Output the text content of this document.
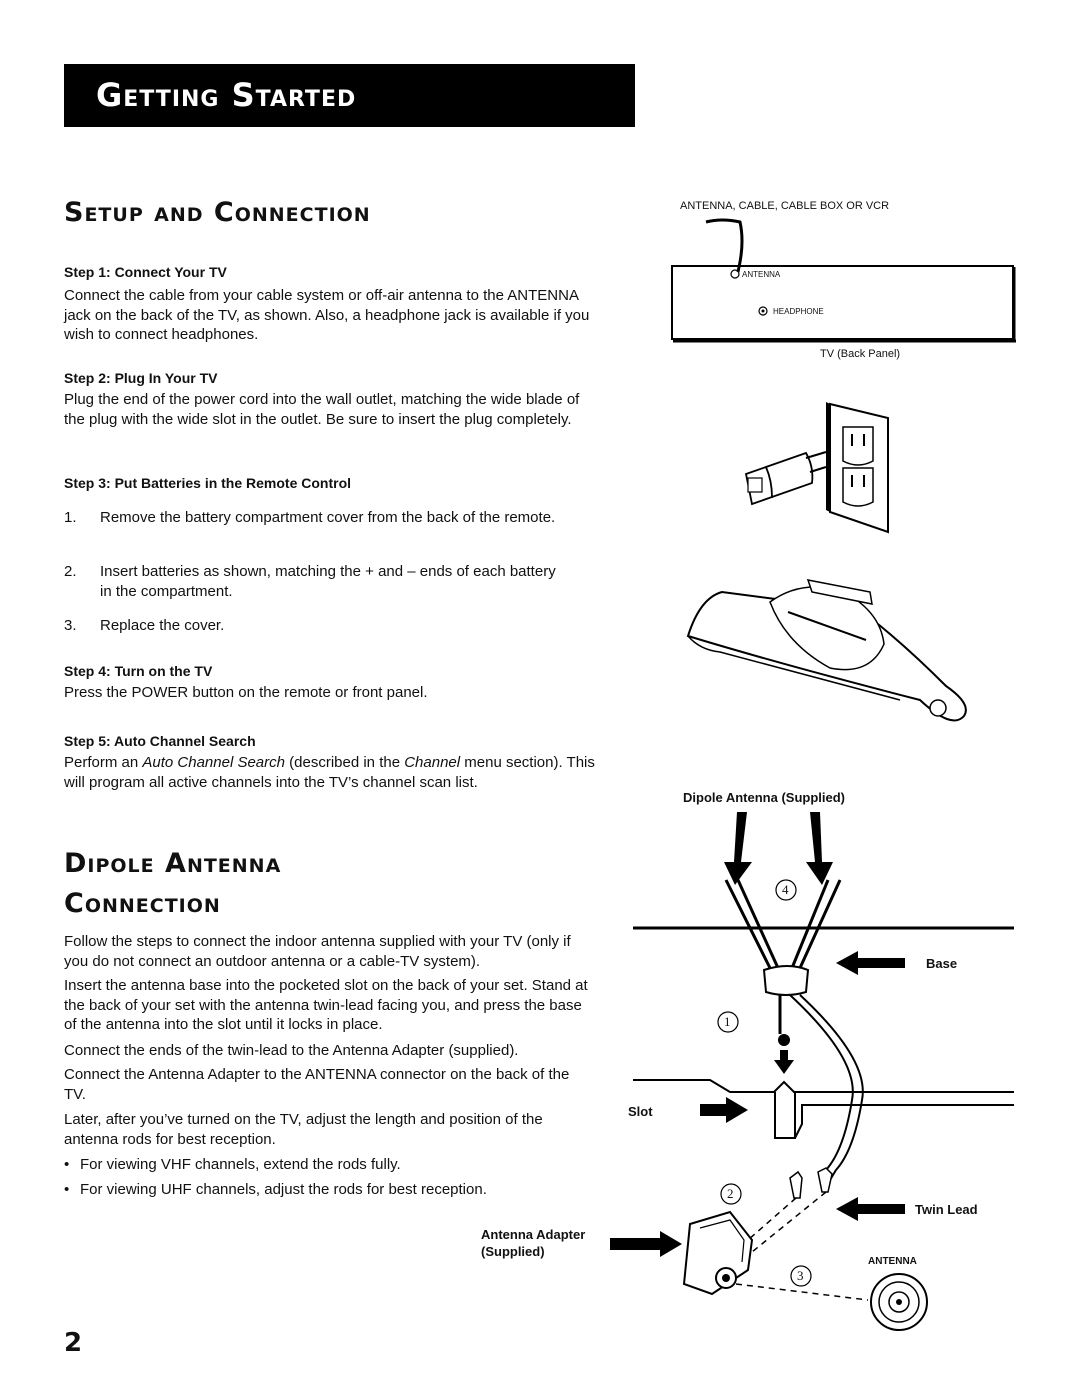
Getting Started
Setup and Connection
Step 1: Connect Your TV
Connect the cable from your cable system or off-air antenna to the ANTENNA jack on the back of the TV, as shown. Also, a headphone jack is available if you wish to connect headphones.
Step 2: Plug In Your TV
Plug the end of the power cord into the wall outlet, matching the wide blade of the plug with the wide slot in the outlet. Be sure to insert the plug completely.
Step 3: Put Batteries in the Remote Control
1. Remove the battery compartment cover from the back of the remote.
2. Insert batteries as shown, matching the + and – ends of each battery in the compartment.
3. Replace the cover.
Step 4: Turn on the TV
Press the POWER button on the remote or front panel.
Step 5: Auto Channel Search
Perform an Auto Channel Search (described in the Channel menu section). This will program all active channels into the TV’s channel scan list.
Dipole Antenna
Connection
Follow the steps to connect the indoor antenna supplied with your TV (only if you do not connect an outdoor antenna or a cable-TV system).
Insert the antenna base into the pocketed slot on the back of your set. Stand at the back of your set with the antenna twin-lead facing you, and press the base of the antenna into the slot until it locks in place.
Connect the ends of the twin-lead to the Antenna Adapter (supplied).
Connect the Antenna Adapter to the ANTENNA connector on the back of the TV.
Later, after you’ve turned on the TV, adjust the length and position of the antenna rods for best reception.
• For viewing VHF channels, extend the rods fully.
• For viewing UHF channels, adjust the rods for best reception.
2
ANTENNA, CABLE, CABLE BOX OR VCR
ANTENNA
HEADPHONE
TV (Back Panel)
Dipole Antenna (Supplied)
4
Base
1
Slot
2
Twin Lead
Antenna Adapter
(Supplied)
ANTENNA
3
